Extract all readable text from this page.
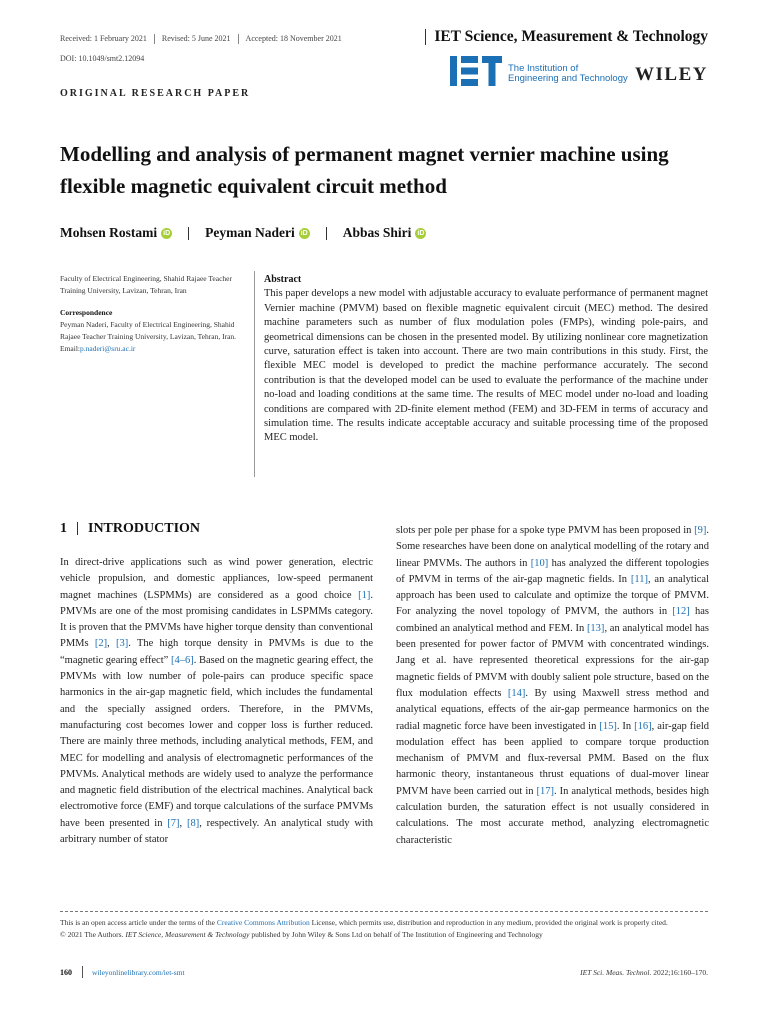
Received: 1 February 2021 Revised: 5 June 2021 Accepted: 18 November 2021
DOI: 10.1049/smt2.12094
IET Science, Measurement & Technology
The Institution of
Engineering and Technology WILEY
ORIGINAL RESEARCH PAPER
Modelling and analysis of permanent magnet vernier machine using flexible magnetic equivalent circuit method
Mohsen Rostami iD	Peyman Naderi iD	Abbas Shiri iD
Faculty of Electrical Engineering, Shahid Rajaee Teacher Training University, Lavizan, Tehran, Iran
Correspondence
Peyman Naderi, Faculty of Electrical Engineering, Shahid Rajaee Teacher Training University, Lavizan, Tehran, Iran.
Email:p.naderi@sru.ac.ir
Abstract
This paper develops a new model with adjustable accuracy to evaluate performance of permanent magnet Vernier machine (PMVM) based on flexible magnetic equivalent circuit (MEC) method. The desired machine parameters such as number of flux modulation poles (FMPs), winding pole-pairs, and geometrical dimensions can be chosen in the presented model. By utilizing nonlinear core magnetization curve, saturation effect is taken into account. There are two main contributions in this study. First, the flexible MEC model is developed to predict the machine performance accurately. The second contribution is that the developed model can be used to evaluate the performance of the machine under no-load and loading conditions at the same time. The results of MEC model under no-load and loading conditions are compared with 2D-finite element method (FEM) and 3D-FEM in terms of accuracy and simulation time. The results indicate acceptable accuracy and suitable processing time of the proposed MEC model.
1 INTRODUCTION
In direct-drive applications such as wind power generation, electric vehicle propulsion, and domestic appliances, low-speed permanent magnet machines (LSPMMs) are considered as a good choice [1]. PMVMs are one of the most promising candidates in LSPMMs category. It is proven that the PMVMs have higher torque density than conventional PMMs [2], [3]. The high torque density in PMVMs is due to the “magnetic gearing effect” [4–6]. Based on the magnetic gearing effect, the PMVMs with low number of pole-pairs can produce specific space harmonics in the air-gap magnetic field, which includes the fundamental and the specially assigned orders. Therefore, in the PMVMs, manufacturing cost becomes lower and copper loss is further reduced. There are mainly three methods, including analytical methods, FEM, and MEC for modelling and analysis of electromagnetic performances of the PMVMs. Analytical methods are widely used to analyze the performance and magnetic field distribution of the electrical machines. Analytical back electromotive force (EMF) and torque calculations of the surface PMVMs have been presented in [7], [8], respectively. An analytical study with arbitrary number of stator
slots per pole per phase for a spoke type PMVM has been proposed in [9]. Some researches have been done on analytical modelling of the rotary and linear PMVMs. The authors in [10] has analyzed the different topologies of PMVM in terms of the air-gap magnetic fields. In [11], an analytical approach has been used to calculate and optimize the torque of PMVM. For analyzing the novel topology of PMVM, the authors in [12] has combined an analytical method and FEM. In [13], an analytical model has been presented for power factor of PMVM with concentrated windings. Jang et al. have represented theoretical expressions for the air-gap magnetic fields of PMVM with doubly salient pole structure, based on the flux modulation effects [14]. By using Maxwell stress method and analytical equations, effects of the air-gap permeance harmonics on the radial magnetic force have been investigated in [15]. In [16], air-gap field modulation effect has been applied to compare torque production mechanism of PMVM and flux-reversal PMM. Based on the flux harmonic theory, instantaneous thrust equations of dual-mover linear PMVM have been carried out in [17]. In analytical methods, besides high calculation burden, the saturation effect is not usually considered in calculations. The most accurate method, analyzing electromagnetic characteristic
This is an open access article under the terms of the Creative Commons Attribution License, which permits use, distribution and reproduction in any medium, provided the original work is properly cited.
© 2021 The Authors. IET Science, Measurement & Technology published by John Wiley & Sons Ltd on behalf of The Institution of Engineering and Technology
160	wileyonlinelibrary.com/iet-smt	IET Sci. Meas. Technol. 2022;16:160–170.
